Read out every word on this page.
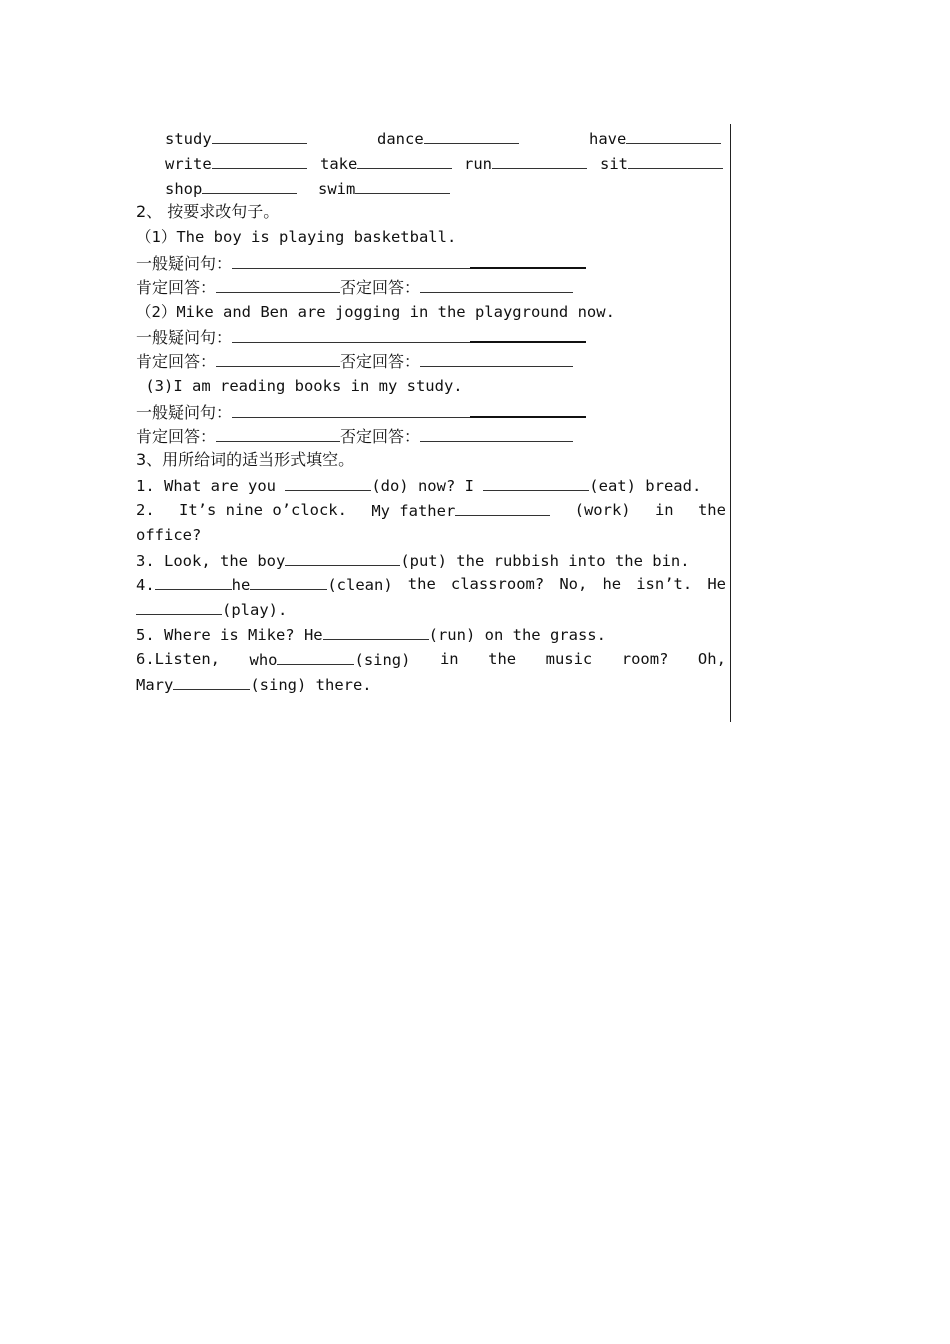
study	dance	have
write	take	run	sit
shop	swim
2、 按要求改句子。
（1）The boy is playing basketball.
一般疑问句：
肯定回答：	否定回答：
（2）Mike and Ben are jogging in the playground now.
一般疑问句：
肯定回答：	否定回答：
(3)I am reading books in my study.
一般疑问句：
肯定回答：	否定回答：
3、用所给词的适当形式填空。
1. What are you	(do) now? I	(eat) bread.
2. It’s nine o’clock. My father	(work) in the
office?
3. Look, the boy	(put) the rubbish into the bin.
4.	he	(clean) the classroom? No, he isn’t. He
(play).
5. Where is Mike? He	(run) on the grass.
6.Listen, who	(sing) in the music room? Oh,
Mary	(sing) there.
